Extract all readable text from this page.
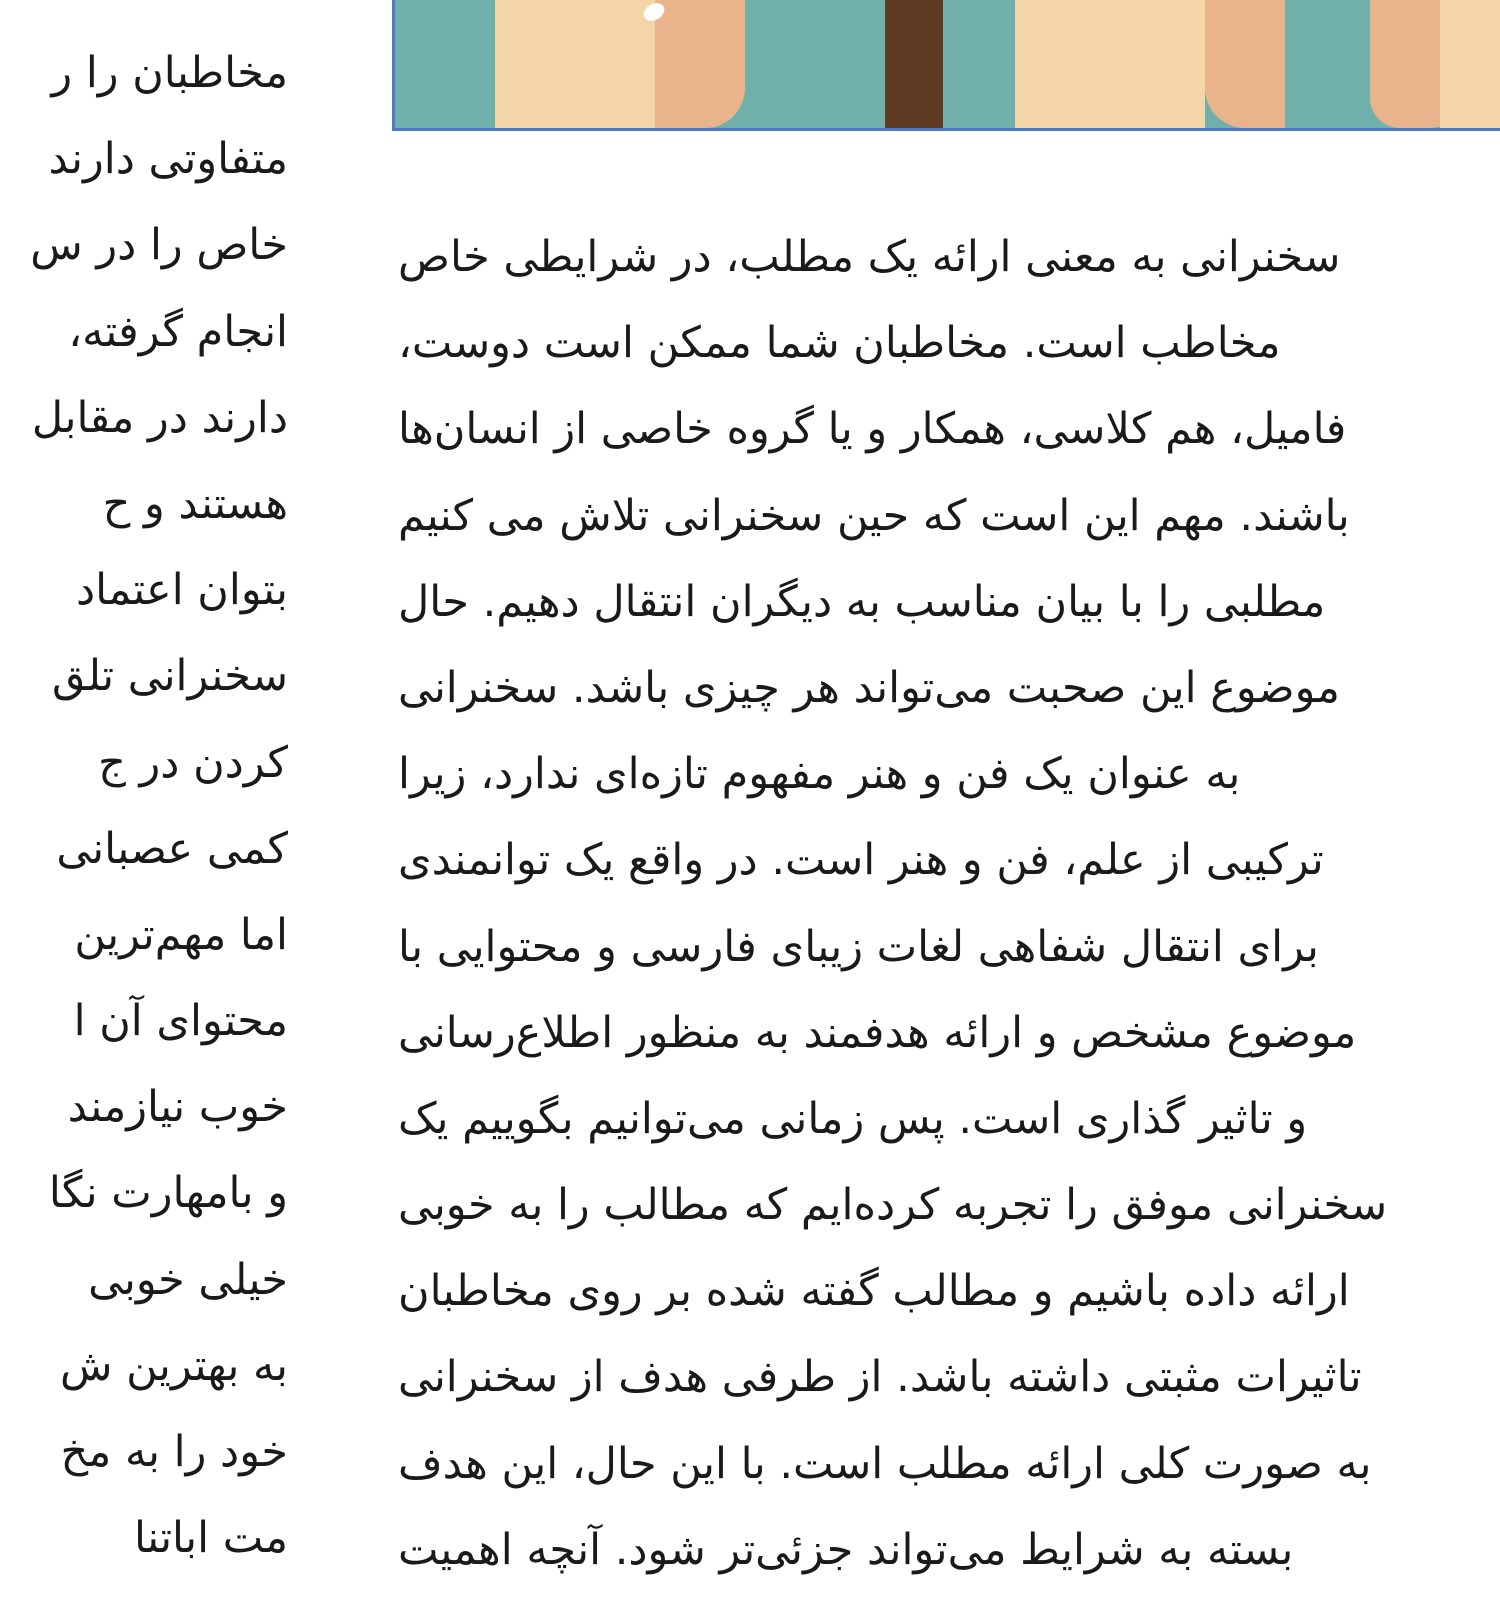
مخاطبان را ر
متفاوتی دارند
خاص را در س
انجام گرفته،
دارند در مقابل
هستند و ح
بتوان اعتماد
سخنرانی تلق
کردن در ج
کمی عصبانی
اما مهم‌ترین
محتوای آن ا
خوب نیازمند
و بامهارت نگا
خیلی خوبی
به بهترین ش
خود را به مخ
مت اباتنا
سخنرانی به معنی ارائه یک مطلب، در شرایطی خاص
مخاطب است. مخاطبان شما ممکن است دوست،
فامیل، هم کلاسی، همکار و یا گروه خاصی از انسان‌ها
باشند. مهم این است که حین سخنرانی تلاش می کنیم
مطلبی را با بیان مناسب به دیگران انتقال دهیم. حال
موضوع این صحبت می‌تواند هر چیزی باشد. سخنرانی
به عنوان یک فن و هنر مفهوم تازه‌ای ندارد، زیرا
ترکیبی از علم، فن و هنر است. در واقع یک توانمندی
برای انتقال شفاهی لغات زیبای فارسی و محتوایی با
موضوع مشخص و ارائه هدفمند به منظور اطلاع‌رسانی
و تاثیر گذاری است. پس زمانی می‌توانیم بگوییم یک
سخنرانی موفق را تجربه کرده‌ایم که مطالب را به خوبی
ارائه داده باشیم و مطالب گفته شده بر روی مخاطبان
تاثیرات مثبتی داشته باشد. از طرفی هدف از سخنرانی
به صورت کلی ارائه مطلب است. با این حال، این هدف
بسته به شرایط می‌تواند جزئی‌تر شود. آنچه اهمیت
